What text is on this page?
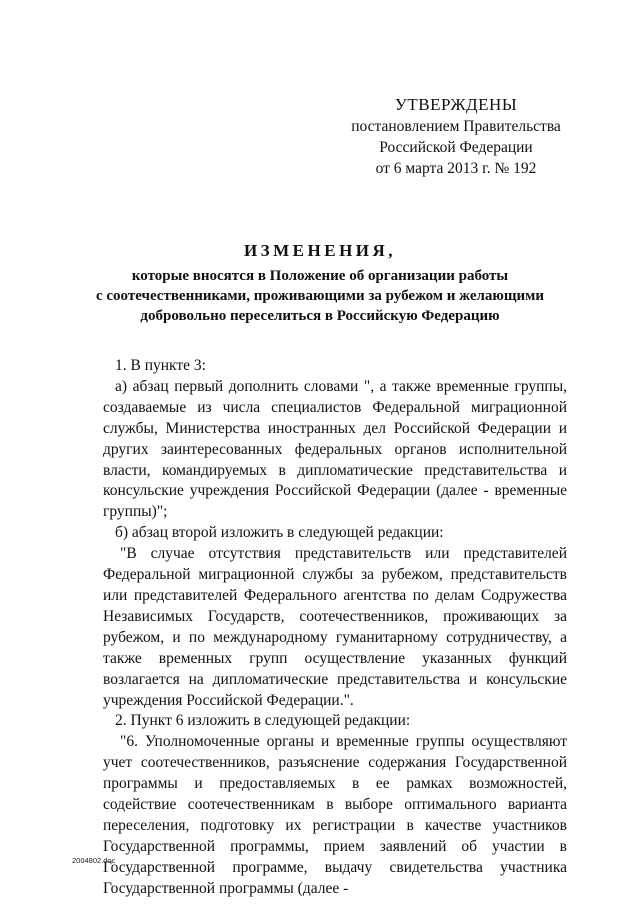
УТВЕРЖДЕНЫ
постановлением Правительства
Российской Федерации
от 6 марта 2013 г. № 192
ИЗМЕНЕНИЯ,
которые вносятся в Положение об организации работы
с соотечественниками, проживающими за рубежом и желающими
добровольно переселиться в Российскую Федерацию

1. В пункте 3:

а) абзац первый дополнить словами ", а также временные группы, создаваемые из числа специалистов Федеральной миграционной службы, Министерства иностранных дел Российской Федерации и других заинтересованных федеральных органов исполнительной власти, командируемых в дипломатические представительства и консульские учреждения Российской Федерации (далее - временные группы)";

б) абзац второй изложить в следующей редакции:

"В случае отсутствия представительств или представителей Федеральной миграционной службы за рубежом, представительств или представителей Федерального агентства по делам Содружества Независимых Государств, соотечественников, проживающих за рубежом, и по международному гуманитарному сотрудничеству, а также временных групп осуществление указанных функций возлагается на дипломатические представительства и консульские учреждения Российской Федерации.".

2. Пункт 6 изложить в следующей редакции:

"6. Уполномоченные органы и временные группы осуществляют учет соотечественников, разъяснение содержания Государственной программы и предоставляемых в ее рамках возможностей, содействие соотечественникам в выборе оптимального варианта переселения, подготовку их регистрации в качестве участников Государственной программы, прием заявлений об участии в Государственной программе, выдачу свидетельства участника Государственной программы (далее -

2004802.doc
